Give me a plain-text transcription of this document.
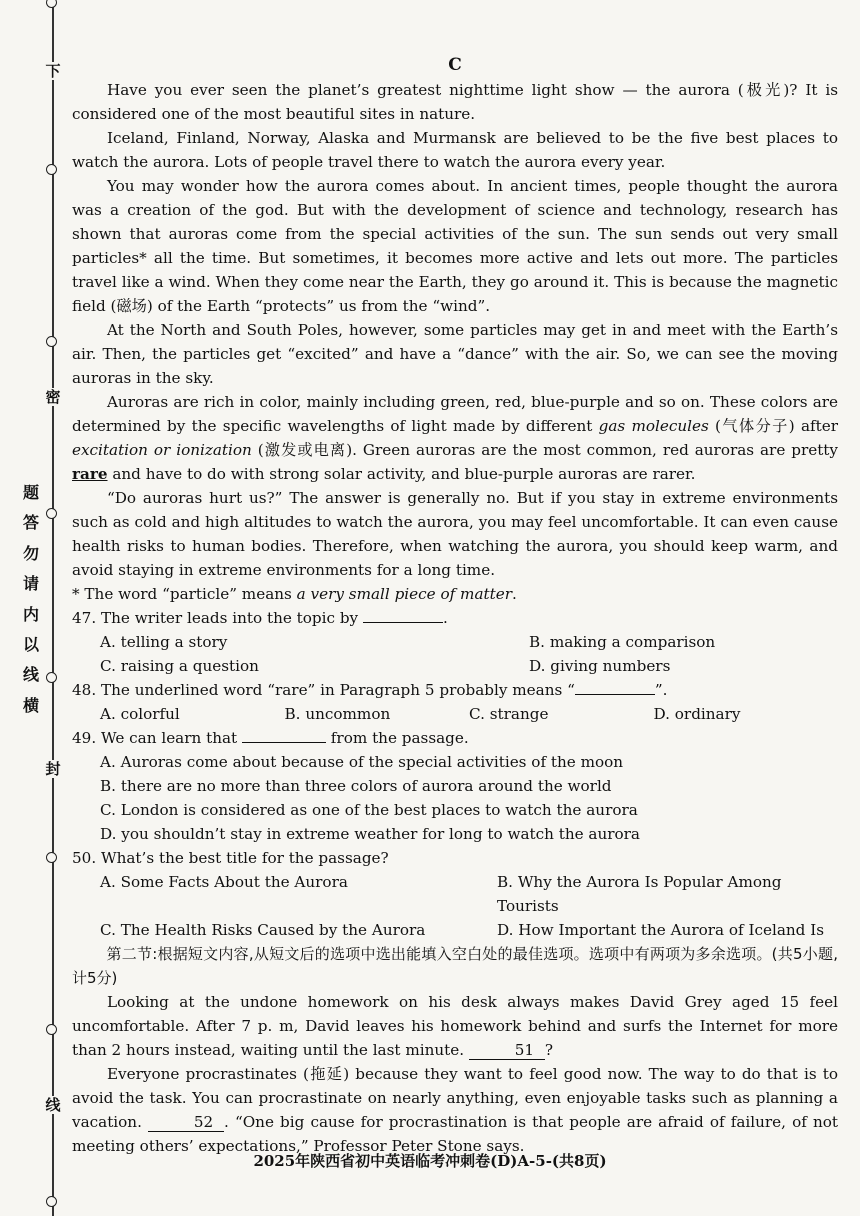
下
密
封
线
题
答
勿
请
内
以
线
横
C

Have you ever seen the planet’s greatest nighttime light show — the aurora (极光)? It is considered one of the most beautiful sites in nature.

Iceland, Finland, Norway, Alaska and Murmansk are believed to be the five best places to watch the aurora. Lots of people travel there to watch the aurora every year.

You may wonder how the aurora comes about. In ancient times, people thought the aurora was a creation of the god. But with the development of science and technology, research has shown that auroras come from the special activities of the sun. The sun sends out very small particles* all the time. But sometimes, it becomes more active and lets out more. The particles travel like a wind. When they come near the Earth, they go around it. This is because the magnetic field (磁场) of the Earth “protects” us from the “wind”.

At the North and South Poles, however, some particles may get in and meet with the Earth’s air. Then, the particles get “excited” and have a “dance” with the air. So, we can see the moving auroras in the sky.

Auroras are rich in color, mainly including green, red, blue-purple and so on. These colors are determined by the specific wavelengths of light made by different gas molecules (气体分子) after excitation or ionization (激发或电离). Green auroras are the most common, red auroras are pretty rare and have to do with strong solar activity, and blue-purple auroras are rarer.

“Do auroras hurt us?” The answer is generally no. But if you stay in extreme environments such as cold and high altitudes to watch the aurora, you may feel uncomfortable. It can even cause health risks to human bodies. Therefore, when watching the aurora, you should keep warm, and avoid staying in extreme environments for a long time.

* The word “particle” means a very small piece of matter.

47. The writer leads into the topic by	.

A. telling a story	B. making a comparison
C. raising a question	D. giving numbers

48. The underlined word “rare” in Paragraph 5 probably means “	”.

A. colorful	B. uncommon	C. strange	D. ordinary

49. We can learn that	from the passage.

A. Auroras come about because of the special activities of the moon
B. there are no more than three colors of aurora around the world
C. London is considered as one of the best places to watch the aurora
D. you shouldn’t stay in extreme weather for long to watch the aurora

50. What’s the best title for the passage?

A. Some Facts About the Aurora	B. Why the Aurora Is Popular Among Tourists
C. The Health Risks Caused by the Aurora	D. How Important the Aurora of Iceland Is

第二节:根据短文内容,从短文后的选项中选出能填入空白处的最佳选项。选项中有两项为多余选项。(共5小题,计5分)

Looking at the undone homework on his desk always makes David Grey aged 15 feel uncomfortable. After 7 p. m, David leaves his homework behind and surfs the Internet for more than 2 hours instead, waiting until the last minute.	51 ?

Everyone procrastinates (拖延) because they want to feel good now. The way to do that is to avoid the task. You can procrastinate on nearly anything, even enjoyable tasks such as planning a vacation.	52 . “One big cause for procrastination is that people are afraid of failure, of not meeting others’ expectations,” Professor Peter Stone says.

2025年陕西省初中英语临考冲刺卷(D)A-5-(共8页)
